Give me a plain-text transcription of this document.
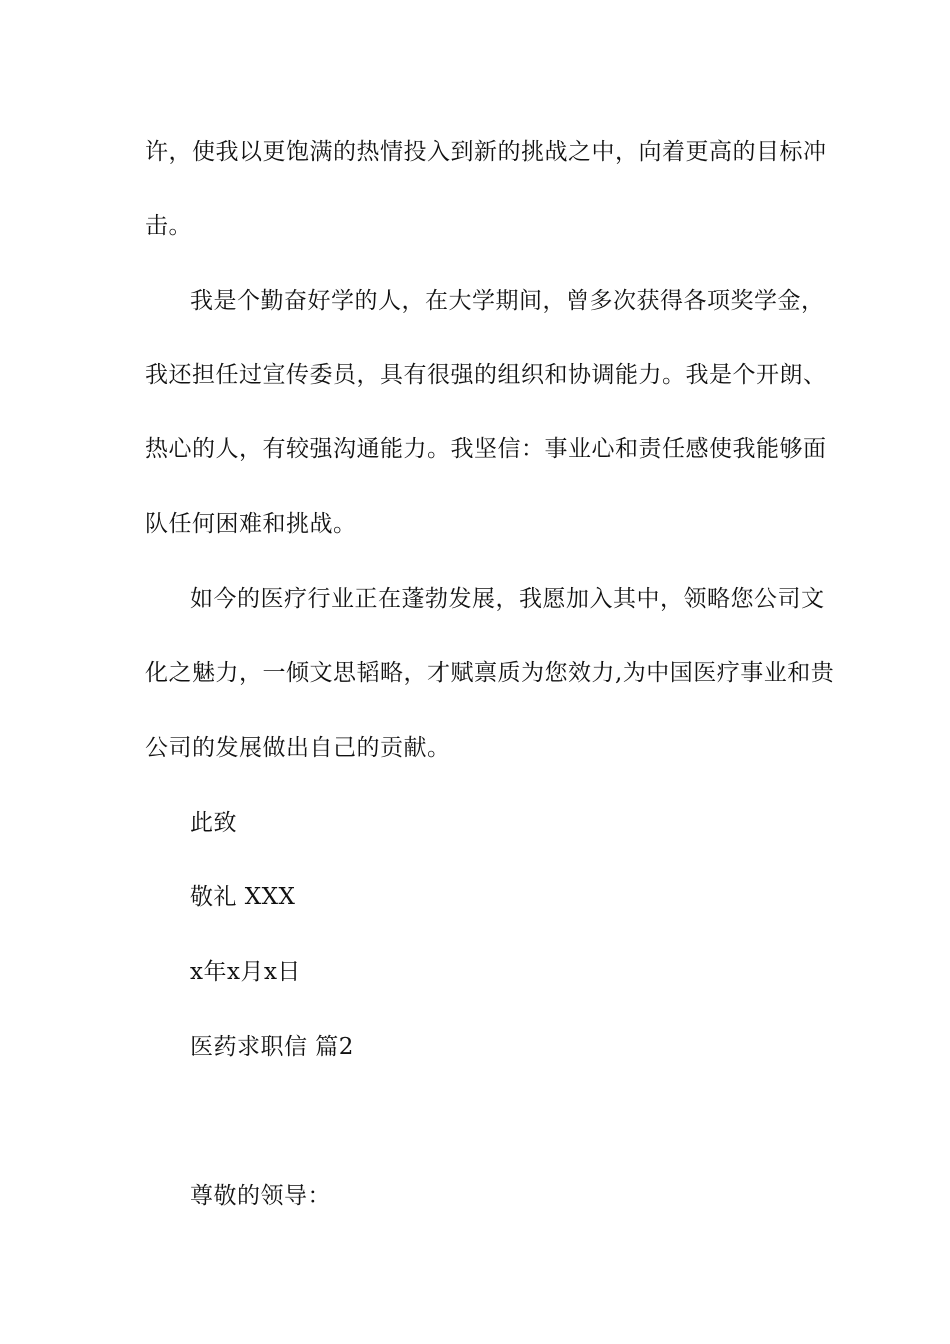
许，使我以更饱满的热情投入到新的挑战之中，向着更高的目标冲
击。
我是个勤奋好学的人，在大学期间，曾多次获得各项奖学金，
我还担任过宣传委员，具有很强的组织和协调能力。我是个开朗、
热心的人，有较强沟通能力。我坚信：事业心和责任感使我能够面
队任何困难和挑战。
如今的医疗行业正在蓬勃发展，我愿加入其中，领略您公司文
化之魅力，一倾文思韬略，才赋禀质为您效力,为中国医疗事业和贵
公司的发展做出自己的贡献。
此致
敬礼 XXX
x年x月x日
医药求职信 篇2
尊敬的领导：
